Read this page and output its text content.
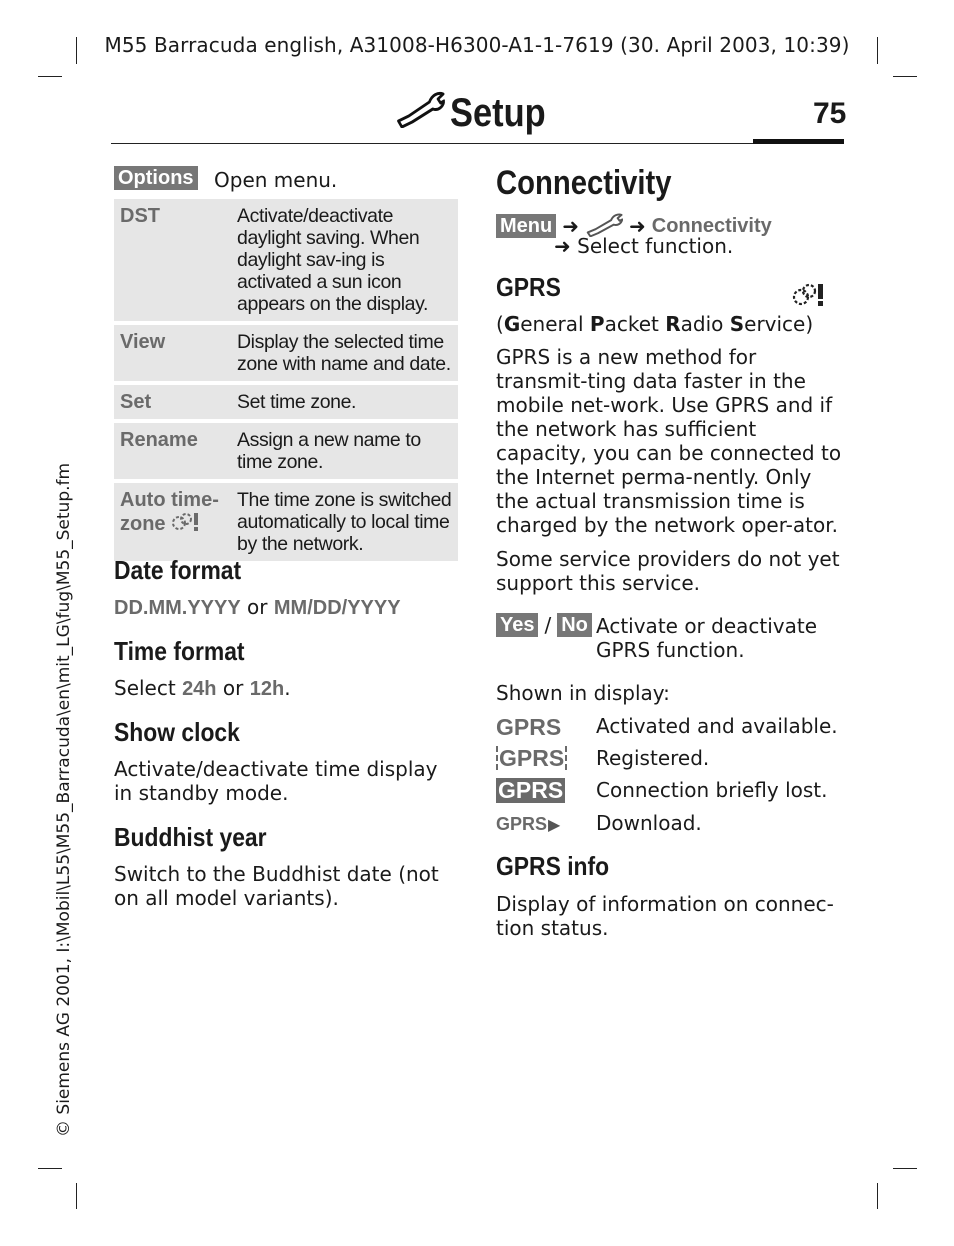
M55 Barracuda english, A31008-H6300-A1-1-7619 (30. April 2003, 10:39)
© Siemens AG 2001, I:\Mobil\L55\M55_Barracuda\en\mit_LG\fug\M55_Setup.fm
Setup	75
Options Open menu.
DST	Activate/deactivate daylight saving. When daylight sav-ing is activated a sun icon appears on the display.
View	Display the selected time zone with name and date.
Set	Set time zone.
Rename	Assign a new name to time zone.
Auto time-zone	The time zone is switched automatically to local time by the network.
Date format
DD.MM.YYYY or MM/DD/YYYY
Time format
Select 24h or 12h.
Show clock
Activate/deactivate time display in standby mode.
Buddhist year
Switch to the Buddhist date (not on all model variants).
Connectivity
Menu ➜	➜ Connectivity
➜ Select function.
GPRS
(General Packet Radio Service)
GPRS is a new method for transmit-ting data faster in the mobile net-work. Use GPRS and if the network has sufficient capacity, you can be connected to the Internet perma-nently. Only the actual transmission time is charged by the network oper-ator.
Some service providers do not yet support this service.
Yes / No Activate or deactivate GPRS function.
Shown in display:
GPRS Activated and available.
GPRS Registered.
GPRS Connection briefly lost.
GPRS ▶ Download.
GPRS info
Display of information on connec-tion status.
